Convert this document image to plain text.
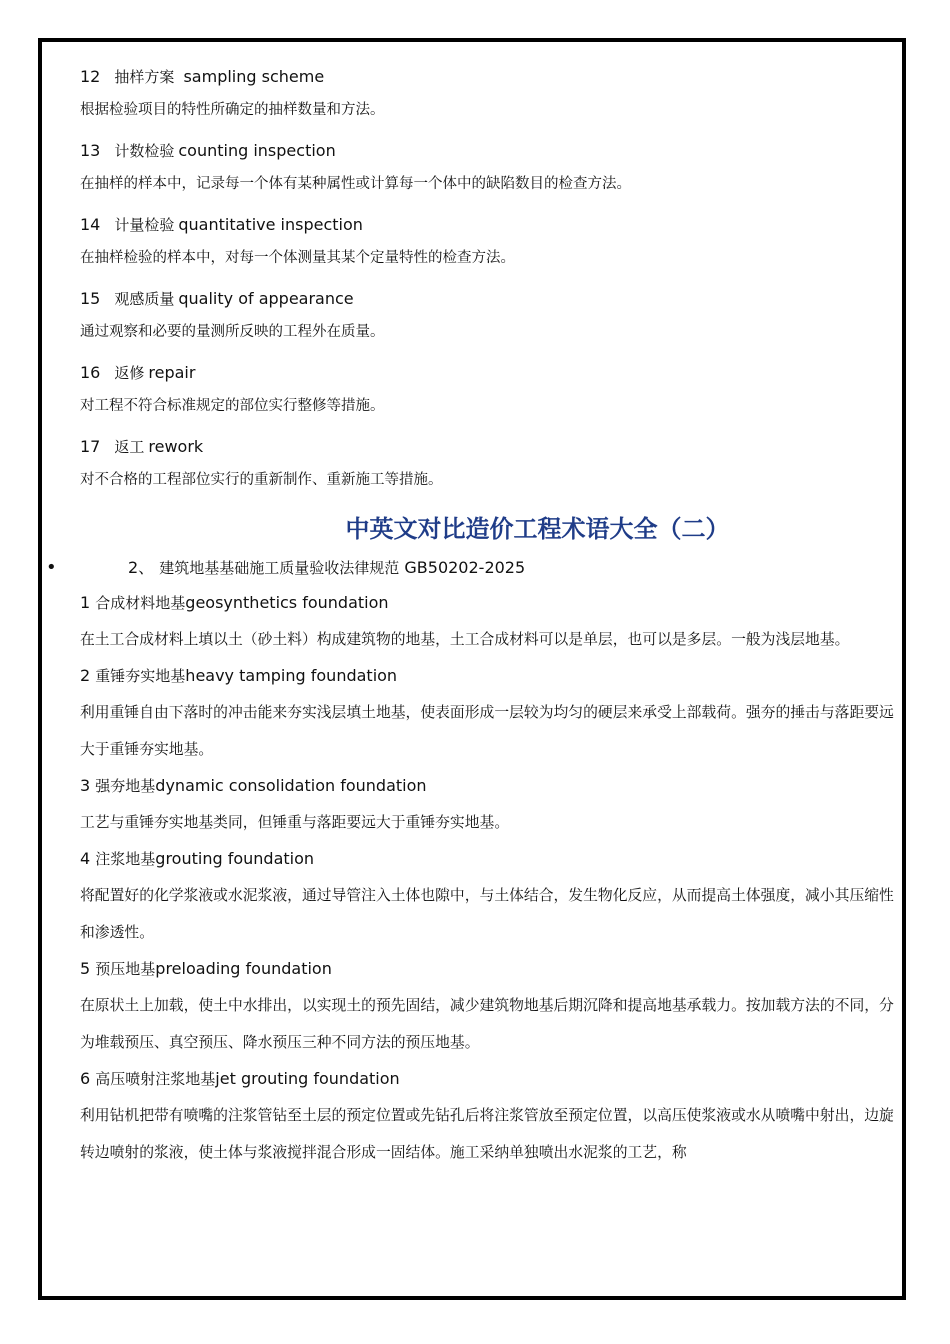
12 抽样方案 sampling scheme
根据检验项目的特性所确定的抽样数量和方法。
13 计数检验 counting inspection
在抽样的样本中，记录每一个体有某种属性或计算每一个体中的缺陷数目的检查方法。
14 计量检验 quantitative inspection
在抽样检验的样本中，对每一个体测量其某个定量特性的检查方法。
15 观感质量 quality of appearance
通过观察和必要的量测所反映的工程外在质量。
16 返修 repair
对工程不符合标准规定的部位实行整修等措施。
17 返工 rework
对不合格的工程部位实行的重新制作、重新施工等措施。
中英文对比造价工程术语大全（二）
•	2、 建筑地基基础施工质量验收法律规范 GB50202-2025
1 合成材料地基geosynthetics foundation
在土工合成材料上填以土（砂土料）构成建筑物的地基，土工合成材料可以是单层，也可以是多层。一般为浅层地基。
2 重锤夯实地基heavy tamping foundation
利用重锤自由下落时的冲击能来夯实浅层填土地基，使表面形成一层较为均匀的硬层来承受上部载荷。强夯的捶击与落距要远大于重锤夯实地基。
3 强夯地基dynamic consolidation foundation
工艺与重锤夯实地基类同，但锤重与落距要远大于重锤夯实地基。
4 注浆地基grouting foundation
将配置好的化学浆液或水泥浆液，通过导管注入土体也隙中，与土体结合，发生物化反应，从而提高土体强度，减小其压缩性和渗透性。
5 预压地基preloading foundation
在原状土上加载，使土中水排出，以实现土的预先固结，减少建筑物地基后期沉降和提高地基承载力。按加载方法的不同，分为堆载预压、真空预压、降水预压三种不同方法的预压地基。
6 高压喷射注浆地基jet grouting foundation
利用钻机把带有喷嘴的注浆管钻至土层的预定位置或先钻孔后将注浆管放至预定位置，以高压使浆液或水从喷嘴中射出，边旋转边喷射的浆液，使土体与浆液搅拌混合形成一固结体。施工采纳单独喷出水泥浆的工艺，称
